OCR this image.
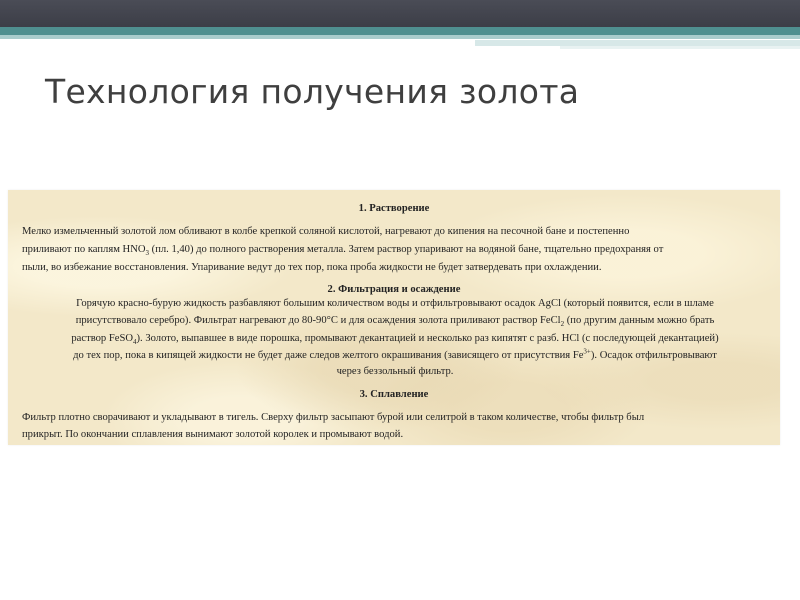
Технология получения золота

1. Растворение

Мелко измельченный золотой лом обливают в колбе крепкой соляной кислотой, нагревают до кипения на песочной бане и постепенно

приливают по каплям $HNO_3$ (пл. 1,40) до полного растворения металла. Затем раствор упаривают на водяной бане, тщательно предохраняя от

пыли, во избежание восстановления. Упаривание ведут до тех пор, пока проба жидкости не будет затвердевать при охлаждении.

2. Фильтрация и осаждение

Горячую красно-бурую жидкость разбавляют большим количеством воды и отфильтровывают осадок AgCl (который появится, если в шламе

присутствовало серебро). Фильтрат нагревают до 80-90°С и для осаждения золота приливают раствор FeCl$_2$ (по другим данным можно брать

раствор FeSO$_4$). Золото, выпавшее в виде порошка, промывают декантацией и несколько раз кипятят с разб. HCl (с последующей декантацией)

до тех пор, пока в кипящей жидкости не будет даже следов желтого окрашивания (зависящего от присутствия $Fe^{3+}$). Осадок отфильтровывают

через беззольный фильтр.

3. Сплавление

Фильтр плотно сворачивают и укладывают в тигель. Сверху фильтр засыпают бурой или селитрой в таком количестве, чтобы фильтр был

прикрыт. По окончании сплавления вынимают золотой королек и промывают водой.
